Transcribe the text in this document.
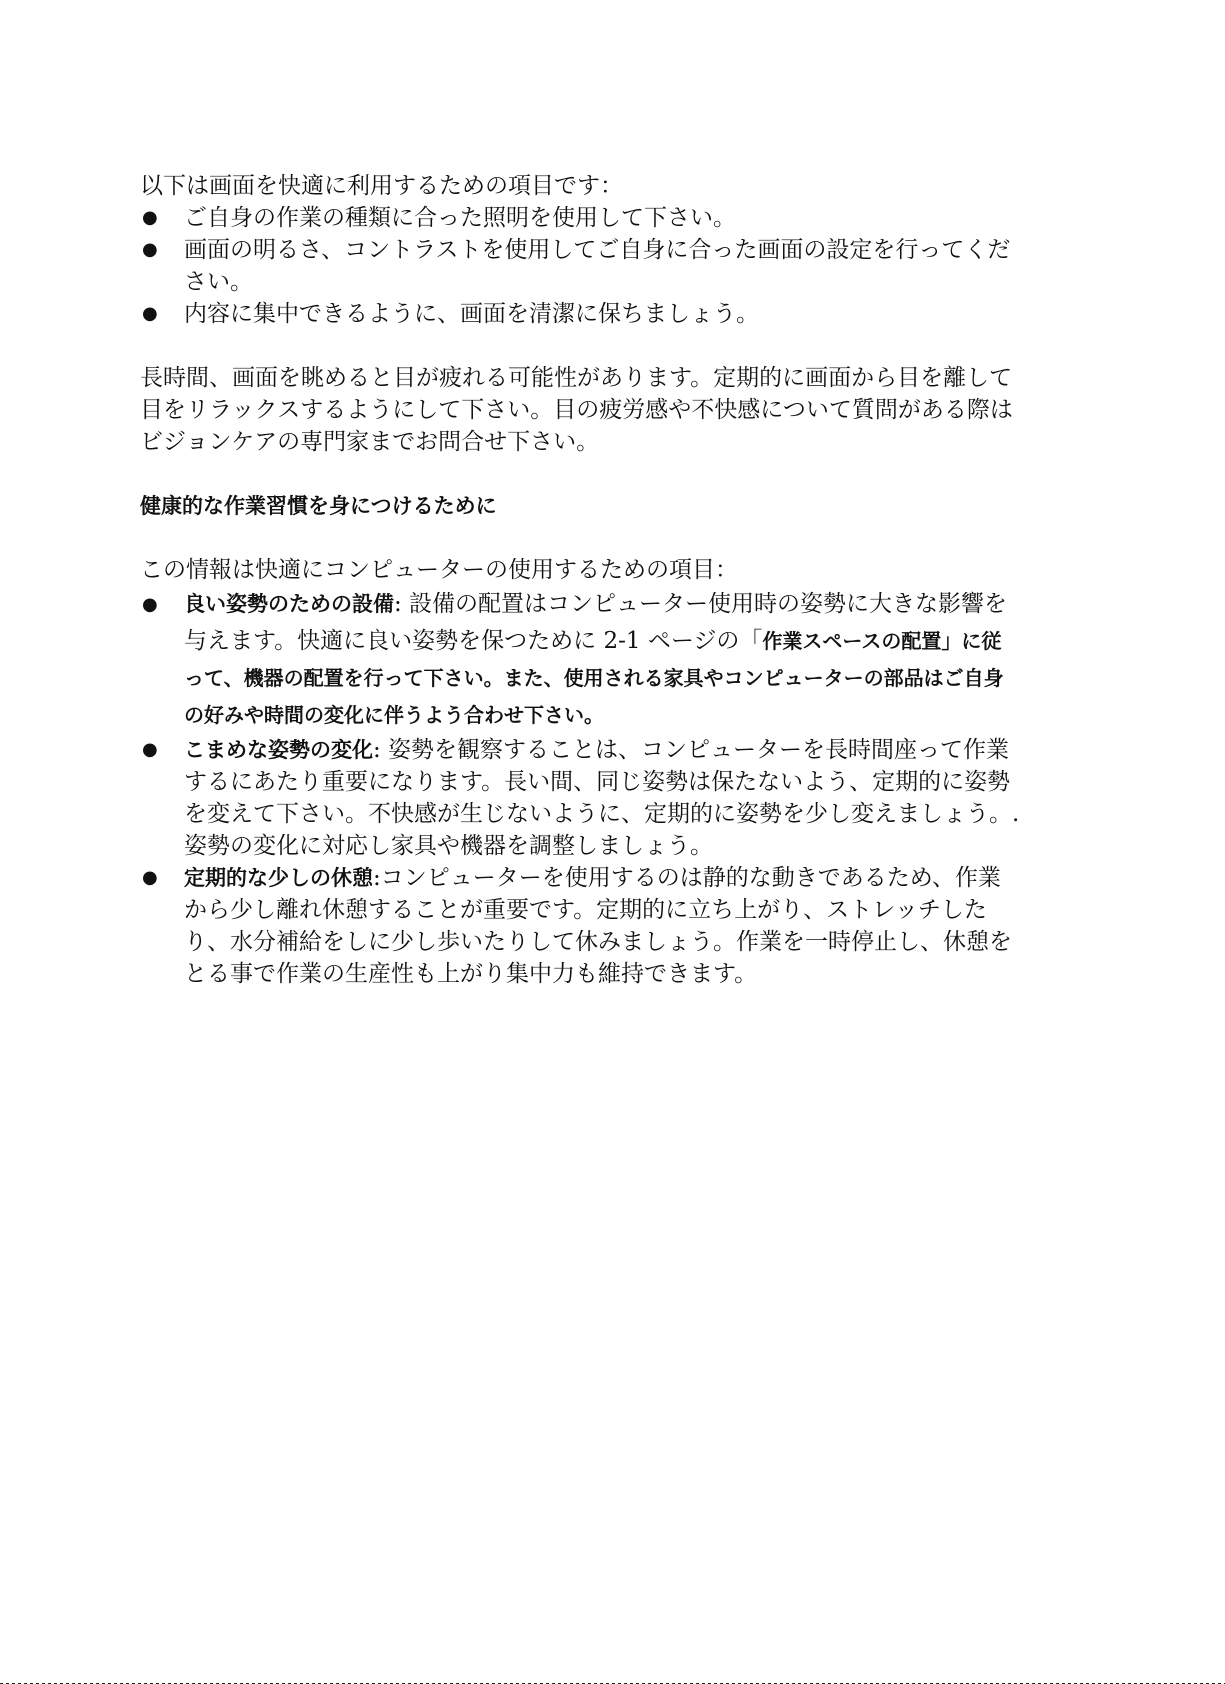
以下は画面を快適に利用するための項目です：

●	ご自身の作業の種類に合った照明を使用して下さい。
●	画面の明るさ、コントラストを使用してご自身に合った画面の設定を行ってください。
●	内容に集中できるように、画面を清潔に保ちましょう。

長時間、画面を眺めると目が疲れる可能性があります。定期的に画面から目を離して目をリラックスするようにして下さい。目の疲労感や不快感について質問がある際はビジョンケアの専門家までお問合せ下さい。

健康的な作業習慣を身につけるために

この情報は快適にコンピューターの使用するための項目：

●	良い姿勢のための設備: 設備の配置はコンピューター使用時の姿勢に大きな影響を与えます。快適に良い姿勢を保つために 2-1 ページの「作業スペースの配置」に従って、機器の配置を行って下さい。また、使用される家具やコンピューターの部品はご自身の好みや時間の変化に伴うよう合わせ下さい。
●	こまめな姿勢の変化: 姿勢を観察することは、コンピューターを長時間座って作業するにあたり重要になります。長い間、同じ姿勢は保たないよう、定期的に姿勢を変えて下さい。不快感が生じないように、定期的に姿勢を少し変えましょう。.姿勢の変化に対応し家具や機器を調整しましょう。
●	定期的な少しの休憩:コンピューターを使用するのは静的な動きであるため、作業から少し離れ休憩することが重要です。定期的に立ち上がり、ストレッチしたり、水分補給をしに少し歩いたりして休みましょう。作業を一時停止し、休憩をとる事で作業の生産性も上がり集中力も維持できます。
